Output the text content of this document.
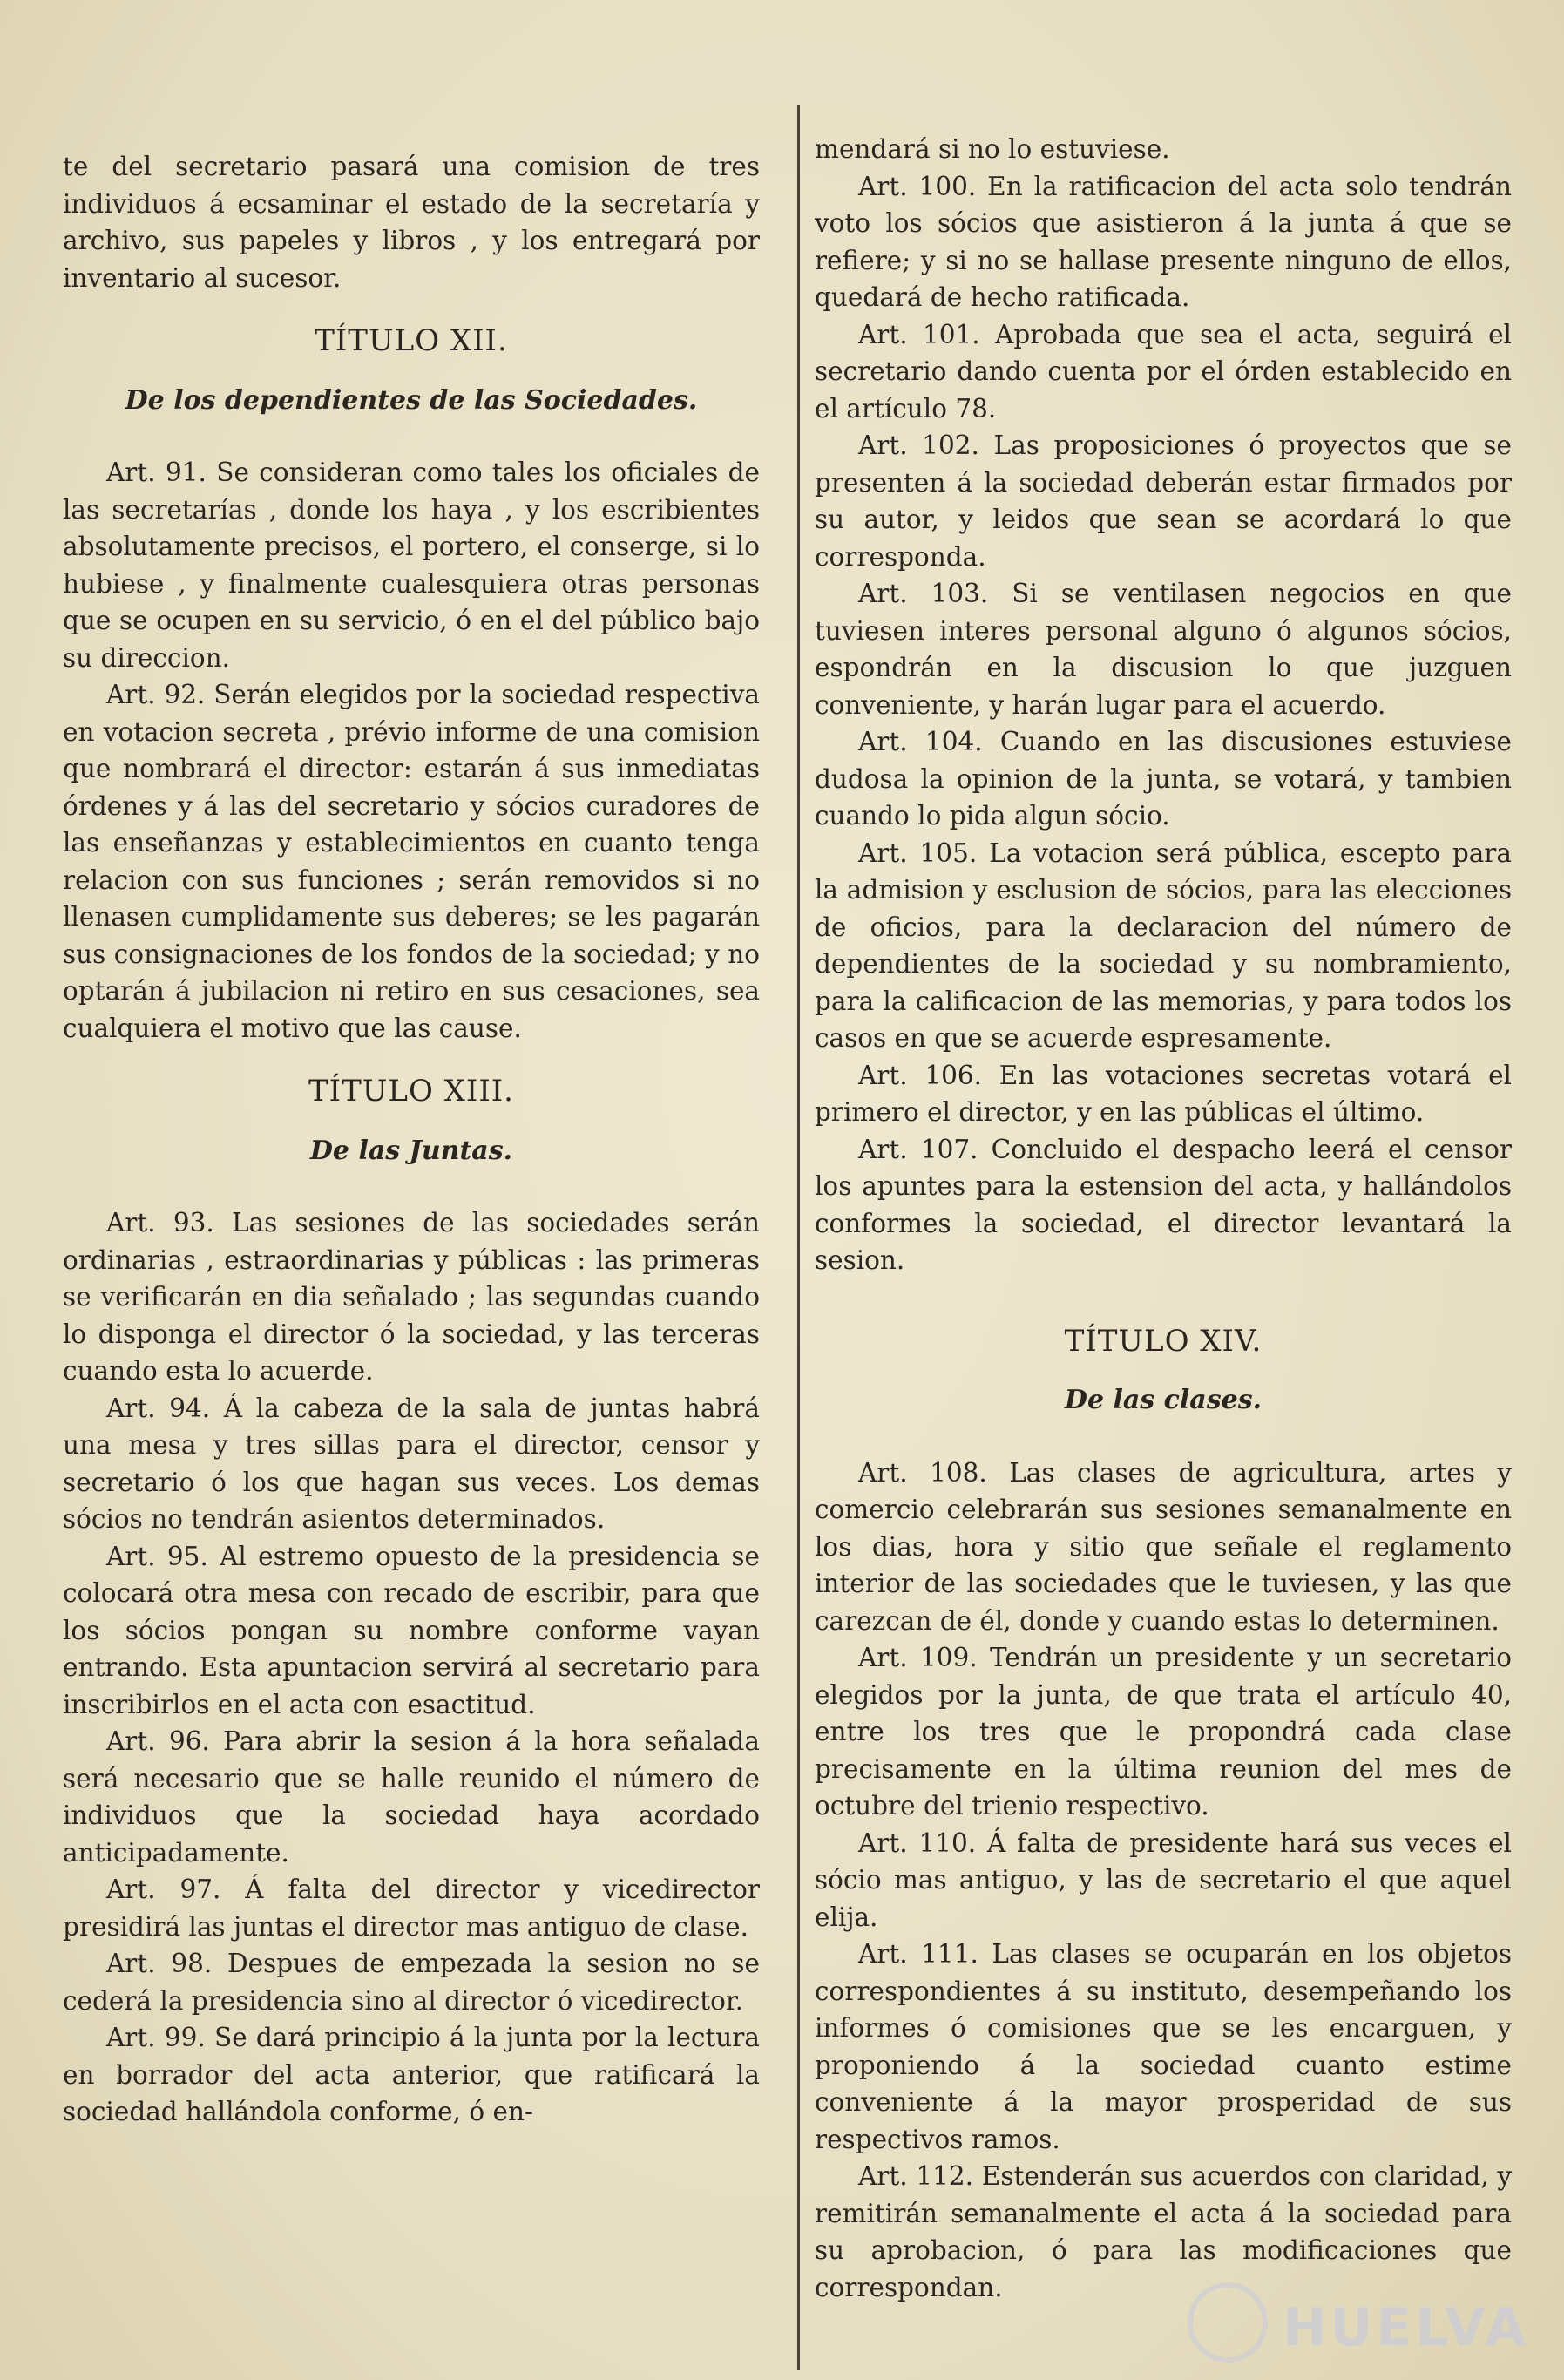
te del secretario pasará una comision de tres individuos á ecsaminar el estado de la secretaría y archivo, sus papeles y libros , y los entregará por inventario al sucesor.

TÍTULO XII.
De los dependientes de las Sociedades.

Art. 91. Se consideran como tales los oficiales de las secretarías , donde los haya , y los escribientes absolutamente precisos, el portero, el conserge, si lo hubiese , y finalmente cualesquiera otras personas que se ocupen en su servicio, ó en el del público bajo su direccion.

Art. 92. Serán elegidos por la sociedad respectiva en votacion secreta , prévio informe de una comision que nombrará el director: estarán á sus inmediatas órdenes y á las del secretario y sócios curadores de las enseñanzas y establecimientos en cuanto tenga relacion con sus funciones ; serán removidos si no llenasen cumplidamente sus deberes; se les pagarán sus consignaciones de los fondos de la sociedad; y no optarán á jubilacion ni retiro en sus cesaciones, sea cualquiera el motivo que las cause.

TÍTULO XIII.
De las Juntas.

Art. 93. Las sesiones de las sociedades serán ordinarias , estraordinarias y públicas : las primeras se verificarán en dia señalado ; las segundas cuando lo disponga el director ó la sociedad, y las terceras cuando esta lo acuerde.

Art. 94. Á la cabeza de la sala de juntas habrá una mesa y tres sillas para el director, censor y secretario ó los que hagan sus veces. Los demas sócios no tendrán asientos determinados.

Art. 95. Al estremo opuesto de la presidencia se colocará otra mesa con recado de escribir, para que los sócios pongan su nombre conforme vayan entrando. Esta apuntacion servirá al secretario para inscribirlos en el acta con esactitud.

Art. 96. Para abrir la sesion á la hora señalada será necesario que se halle reunido el número de individuos que la sociedad haya acordado anticipadamente.

Art. 97. Á falta del director y vicedirector presidirá las juntas el director mas antiguo de clase.

Art. 98. Despues de empezada la sesion no se cederá la presidencia sino al director ó vicedirector.

Art. 99. Se dará principio á la junta por la lectura en borrador del acta anterior, que ratificará la sociedad hallándola conforme, ó en-

mendará si no lo estuviese.

Art. 100. En la ratificacion del acta solo tendrán voto los sócios que asistieron á la junta á que se refiere; y si no se hallase presente ninguno de ellos, quedará de hecho ratificada.

Art. 101. Aprobada que sea el acta, seguirá el secretario dando cuenta por el órden establecido en el artículo 78.

Art. 102. Las proposiciones ó proyectos que se presenten á la sociedad deberán estar firmados por su autor, y leidos que sean se acordará lo que corresponda.

Art. 103. Si se ventilasen negocios en que tuviesen interes personal alguno ó algunos sócios, espondrán en la discusion lo que juzguen conveniente, y harán lugar para el acuerdo.

Art. 104. Cuando en las discusiones estuviese dudosa la opinion de la junta, se votará, y tambien cuando lo pida algun sócio.

Art. 105. La votacion será pública, escepto para la admision y esclusion de sócios, para las elecciones de oficios, para la declaracion del número de dependientes de la sociedad y su nombramiento, para la calificacion de las memorias, y para todos los casos en que se acuerde espresamente.

Art. 106. En las votaciones secretas votará el primero el director, y en las públicas el último.

Art. 107. Concluido el despacho leerá el censor los apuntes para la estension del acta, y hallándolos conformes la sociedad, el director levantará la sesion.

TÍTULO XIV.
De las clases.

Art. 108. Las clases de agricultura, artes y comercio celebrarán sus sesiones semanalmente en los dias, hora y sitio que señale el reglamento interior de las sociedades que le tuviesen, y las que carezcan de él, donde y cuando estas lo determinen.

Art. 109. Tendrán un presidente y un secretario elegidos por la junta, de que trata el artículo 40, entre los tres que le propondrá cada clase precisamente en la última reunion del mes de octubre del trienio respectivo.

Art. 110. Á falta de presidente hará sus veces el sócio mas antiguo, y las de secretario el que aquel elija.

Art. 111. Las clases se ocuparán en los objetos correspondientes á su instituto, desempeñando los informes ó comisiones que se les encarguen, y proponiendo á la sociedad cuanto estime conveniente á la mayor prosperidad de sus respectivos ramos.

Art. 112. Estenderán sus acuerdos con claridad, y remitirán semanalmente el acta á la sociedad para su aprobacion, ó para las modificaciones que correspondan.

HUELVA
